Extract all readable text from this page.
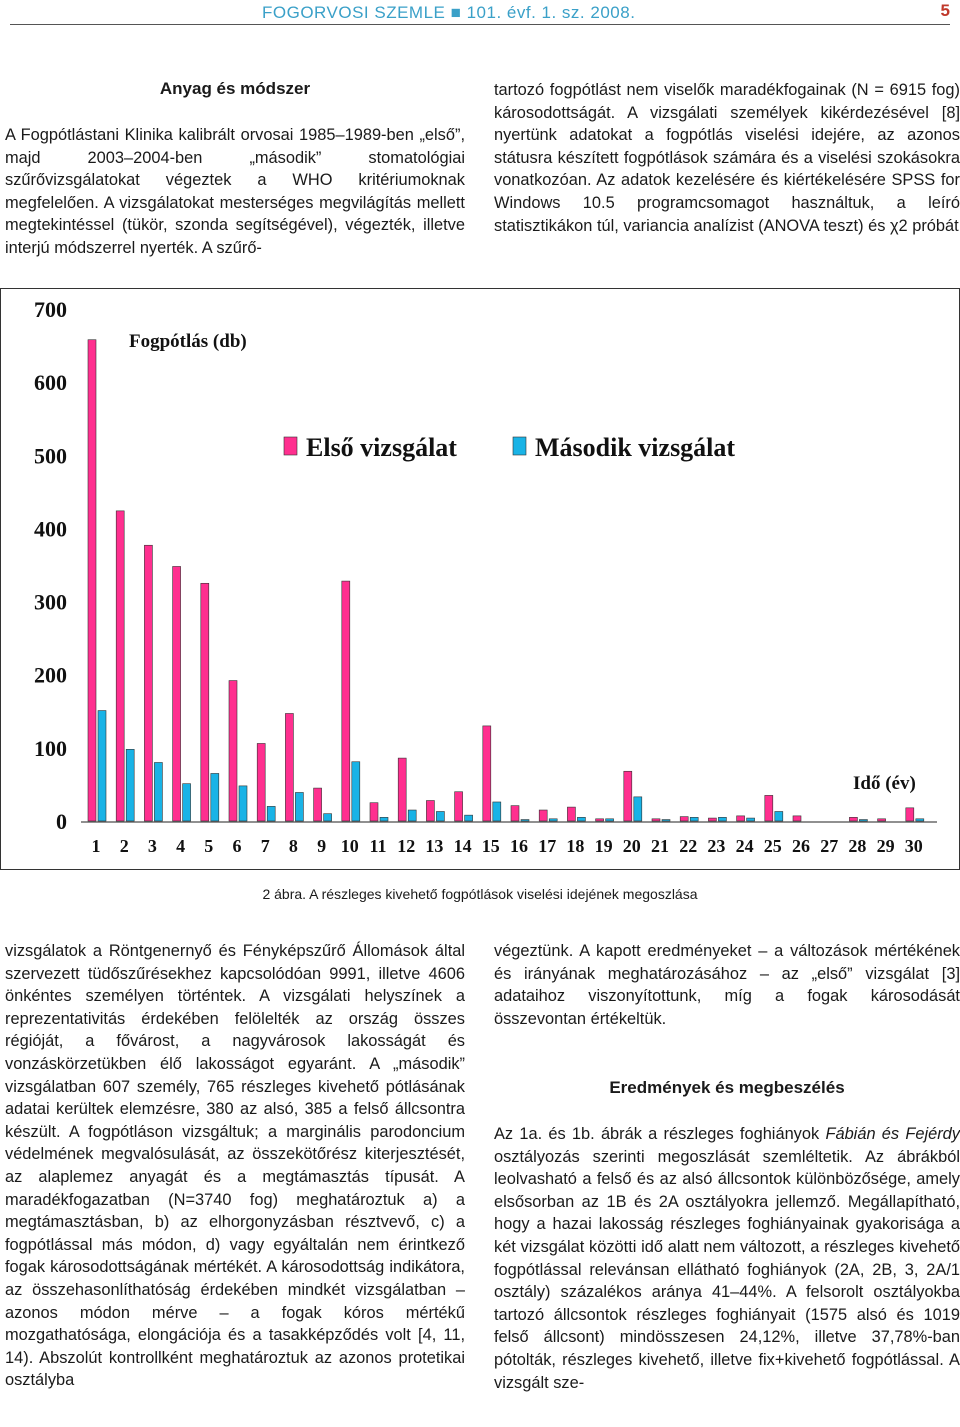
FOGORVOSI SZEMLE ■ 101. évf. 1. sz. 2008.	5
Anyag és módszer

A Fogpótlástani Klinika kalibrált orvosai 1985–1989-ben „első”, majd 2003–2004-ben „második” stomatológiai szűrővizsgálatokat végeztek a WHO kritériumoknak megfelelően. A vizsgálatokat mesterséges megvilágítás mellett megtekintéssel (tükör, szonda segítségével), végezték, illetve interjú módszerrel nyerték. A szűrő-

tartozó fogpótlást nem viselők maradékfogainak (N = 6915 fog) károsodottságát. A vizsgálati személyek kikérdezésével [8] nyertünk adatokat a fogpótlás viselési idejére, az azonos státusra készített fogpótlások számára és a viselési szokásokra vonatkozóan. Az adatok kezelésére és kiértékelésére SPSS for Windows 10.5 programcsomagot használtuk, a leíró statisztikákon túl, variancia analízist (ANOVA teszt) és χ2 próbát

0
100
200
300
400
500
600
700
1 2 3 4 5 6 7 8 9 10 11 12 13 14 15 16 17 18 19 20 21 22 23 24 25 26 27 28 29 30
Fogpótlás (db)
Idő (év)
Első vizsgálat	Második vizsgálat
2 ábra. A részleges kivehető fogpótlások viselési idejének megoszlása

vizsgálatok a Röntgenernyő és Fényképszűrő Állomások által szervezett tüdőszűrésekhez kapcsolódóan 9991, illetve 4606 önkéntes személyen történtek. A vizsgálati helyszínek a reprezentativitás érdekében felölelték az ország összes régióját, a fővárost, a nagyvárosok lakosságát és vonzáskörzetükben élő lakosságot egyaránt. A „második” vizsgálatban 607 személy, 765 részleges kivehető pótlásának adatai kerültek elemzésre, 380 az alsó, 385 a felső állcsontra készült. A fogpótláson vizsgáltuk; a marginális parodoncium védelmének megvalósulását, az összekötőrész kiterjesztését, az alaplemez anyagát és a megtámasztás típusát. A maradékfogazatban (N=3740 fog) meghatároztuk a) a megtámasztásban, b) az elhorgonyzásban résztvevő, c) a fogpótlással más módon, d) vagy egyáltalán nem érintkező fogak károsodottságának mértékét. A károsodottság indikátora, az összehasonlíthatóság érdekében mindkét vizsgálatban – azonos módon mérve – a fogak kóros mértékű mozgathatósága, elongációja és a tasakképződés volt [4, 11, 14). Abszolút kontrollként meghatároztuk az azonos protetikai osztályba

végeztünk. A kapott eredményeket – a változások mértékének és irányának meghatározásához – az „első” vizsgálat [3] adataihoz viszonyítottunk, míg a fogak károsodását összevontan értékeltük.

Eredmények és megbeszélés

Az 1a. és 1b. ábrák a részleges foghiányok Fábián és Fejérdy osztályozás szerinti megoszlását szemléltetik. Az ábrákból leolvasható a felső és az alsó állcsontok különbözősége, amely elsősorban az 1B és 2A osztályokra jellemző. Megállapítható, hogy a hazai lakosság részleges foghiányainak gyakorisága a két vizsgálat közötti idő alatt nem változott, a részleges kivehető fogpótlással relevánsan ellátható foghiányok (2A, 2B, 3, 2A/1 osztály) százalékos aránya 41–44%. A felsorolt osztályokba tartozó állcsontok részleges foghiányait (1575 alsó és 1019 felső állcsont) mindösszesen 24,12%, illetve 37,78%-ban pótolták, részleges kivehető, illetve fix+kivehető fogpótlással. A vizsgált sze-
